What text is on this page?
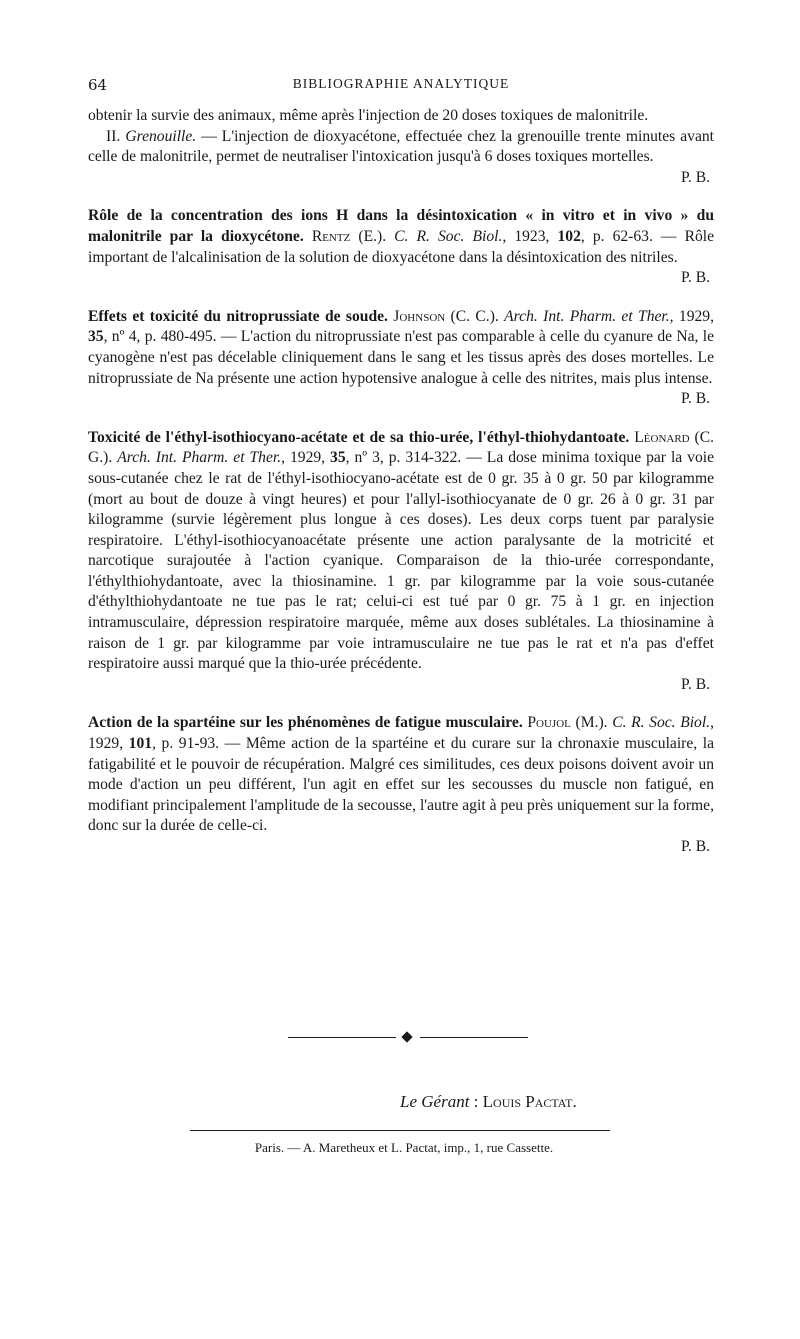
64	BIBLIOGRAPHIE ANALYTIQUE

obtenir la survie des animaux, même après l'injection de 20 doses toxiques de malonitrile.

II. Grenouille. — L'injection de dioxyacétone, effectuée chez la grenouille trente minutes avant celle de malonitrile, permet de neutraliser l'intoxication jusqu'à 6 doses toxiques mortelles.

P. B.

Rôle de la concentration des ions H dans la désintoxication « in vitro et in vivo » du malonitrile par la dioxycétone. Rentz (E.). C. R. Soc. Biol., 1923, 102, p. 62-63. — Rôle important de l'alcalinisation de la solution de dioxyacétone dans la désintoxication des nitriles.

P. B.

Effets et toxicité du nitroprussiate de soude. Johnson (C. C.). Arch. Int. Pharm. et Ther., 1929, 35, nº 4, p. 480-495. — L'action du nitroprussiate n'est pas comparable à celle du cyanure de Na, le cyanogène n'est pas décelable cliniquement dans le sang et les tissus après des doses mortelles. Le nitroprussiate de Na présente une action hypotensive analogue à celle des nitrites, mais plus intense.

P. B.

Toxicité de l'éthyl-isothiocyano-acétate et de sa thio-urée, l'éthyl-thiohydantoate. Léonard (C. G.). Arch. Int. Pharm. et Ther., 1929, 35, nº 3, p. 314-322. — La dose minima toxique par la voie sous-cutanée chez le rat de l'éthyl-isothiocyano-acétate est de 0 gr. 35 à 0 gr. 50 par kilogramme (mort au bout de douze à vingt heures) et pour l'allyl-isothiocyanate de 0 gr. 26 à 0 gr. 31 par kilogramme (survie légèrement plus longue à ces doses). Les deux corps tuent par paralysie respiratoire. L'éthyl-isothiocyanoacétate présente une action paralysante de la motricité et narcotique surajoutée à l'action cyanique. Comparaison de la thio-urée correspondante, l'éthylthiohydantoate, avec la thiosinamine. 1 gr. par kilogramme par la voie sous-cutanée d'éthylthiohydantoate ne tue pas le rat; celui-ci est tué par 0 gr. 75 à 1 gr. en injection intramusculaire, dépression respiratoire marquée, même aux doses sublétales. La thiosinamine à raison de 1 gr. par kilogramme par voie intramusculaire ne tue pas le rat et n'a pas d'effet respiratoire aussi marqué que la thio-urée précédente.

P. B.

Action de la spartéine sur les phénomènes de fatigue musculaire. Poujol (M.). C. R. Soc. Biol., 1929, 101, p. 91-93. — Même action de la spartéine et du curare sur la chronaxie musculaire, la fatigabilité et le pouvoir de récupération. Malgré ces similitudes, ces deux poisons doivent avoir un mode d'action un peu différent, l'un agit en effet sur les secousses du muscle non fatigué, en modifiant principalement l'amplitude de la secousse, l'autre agit à peu près uniquement sur la forme, donc sur la durée de celle-ci.

P. B.

Le Gérant : Louis Pactat.
Paris. — A. Maretheux et L. Pactat, imp., 1, rue Cassette.
